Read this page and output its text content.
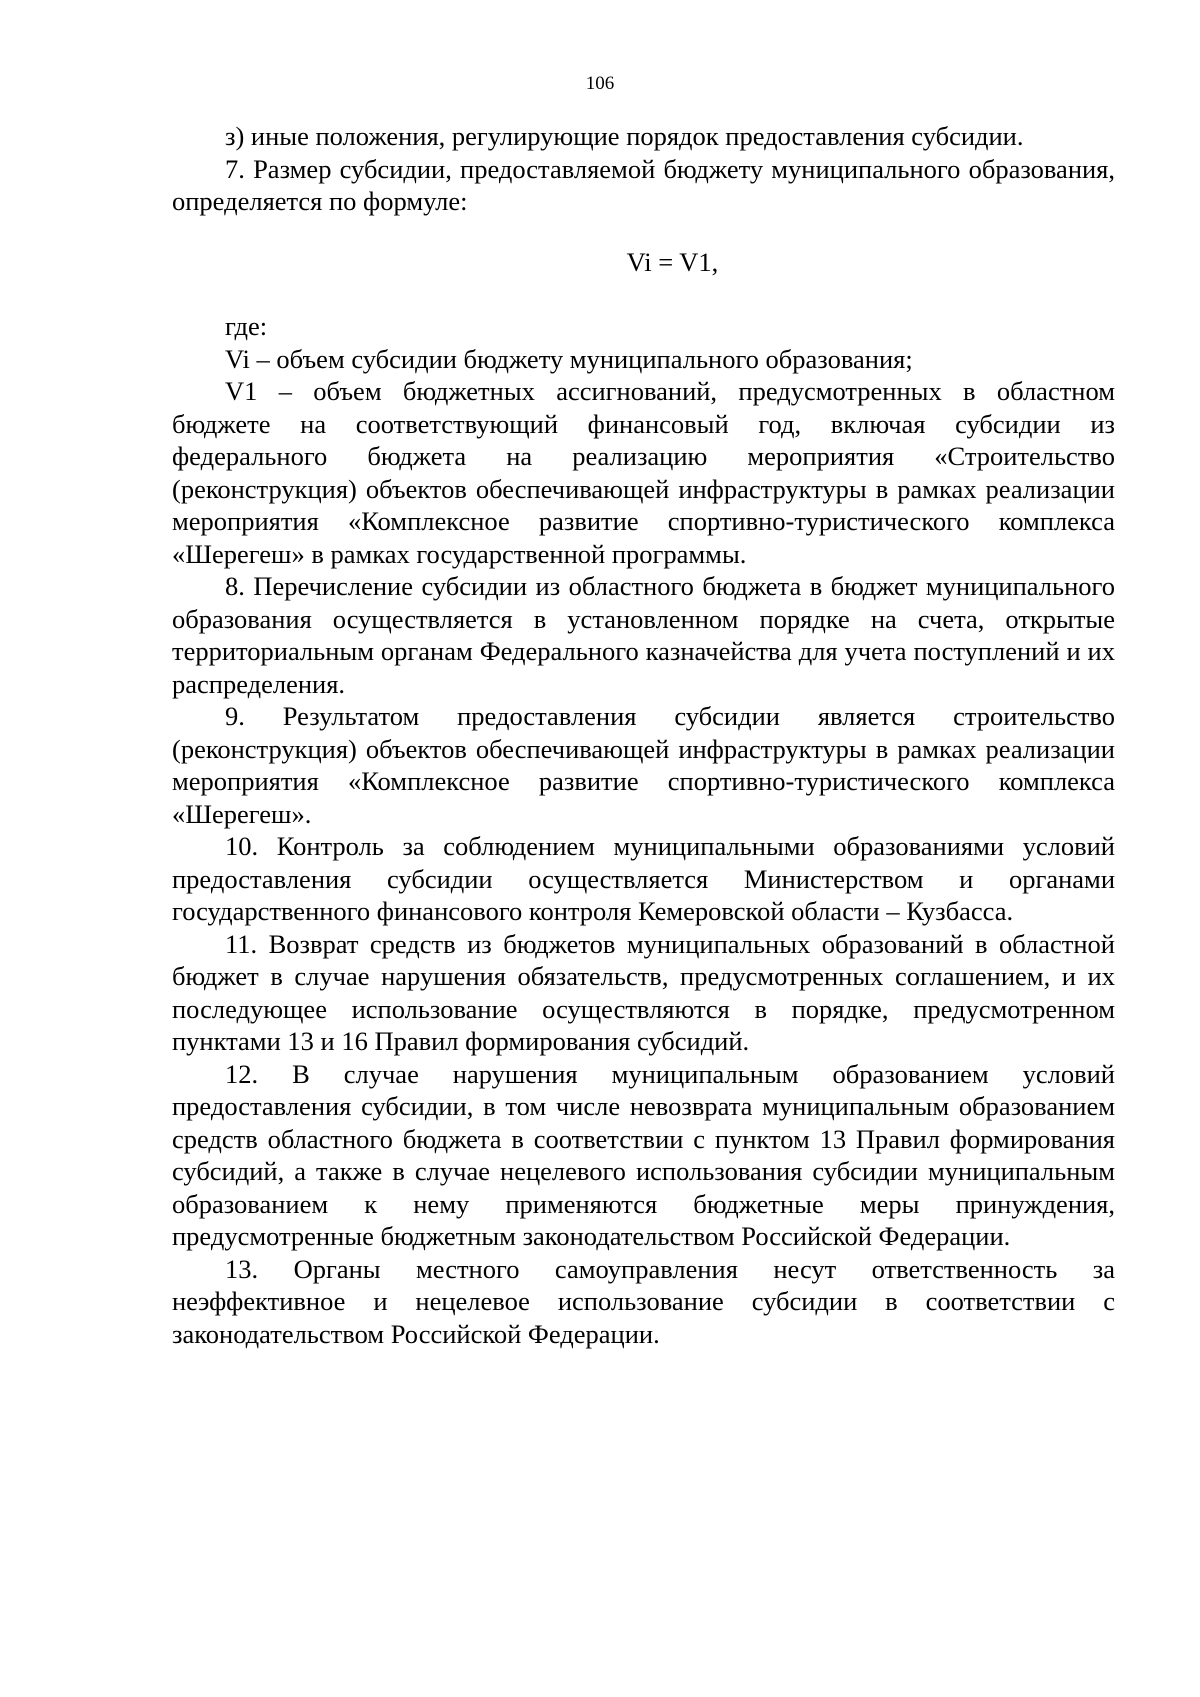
106

з) иные положения, регулирующие порядок предоставления субсидии.

7. Размер субсидии, предоставляемой бюджету муниципального образования, определяется по формуле:

Vi = V1,

где:

Vi – объем субсидии бюджету муниципального образования;

V1 – объем бюджетных ассигнований, предусмотренных в областном бюджете на соответствующий финансовый год, включая субсидии из федерального бюджета на реализацию мероприятия «Строительство (реконструкция) объектов обеспечивающей инфраструктуры в рамках реализации мероприятия «Комплексное развитие спортивно-туристического комплекса «Шерегеш» в рамках государственной программы.

8. Перечисление субсидии из областного бюджета в бюджет муниципального образования осуществляется в установленном порядке на счета, открытые территориальным органам Федерального казначейства для учета поступлений и их распределения.

9. Результатом предоставления субсидии является строительство (реконструкция) объектов обеспечивающей инфраструктуры в рамках реализации мероприятия «Комплексное развитие спортивно-туристического комплекса «Шерегеш».

10. Контроль за соблюдением муниципальными образованиями условий предоставления субсидии осуществляется Министерством и органами государственного финансового контроля Кемеровской области – Кузбасса.

11. Возврат средств из бюджетов муниципальных образований в областной бюджет в случае нарушения обязательств, предусмотренных соглашением, и их последующее использование осуществляются в порядке, предусмотренном пунктами 13 и 16 Правил формирования субсидий.

12. В случае нарушения муниципальным образованием условий предоставления субсидии, в том числе невозврата муниципальным образованием средств областного бюджета в соответствии с пунктом 13 Правил формирования субсидий, а также в случае нецелевого использования субсидии муниципальным образованием к нему применяются бюджетные меры принуждения, предусмотренные бюджетным законодательством Российской Федерации.

13. Органы местного самоуправления несут ответственность за неэффективное и нецелевое использование субсидии в соответствии с законодательством Российской Федерации.
